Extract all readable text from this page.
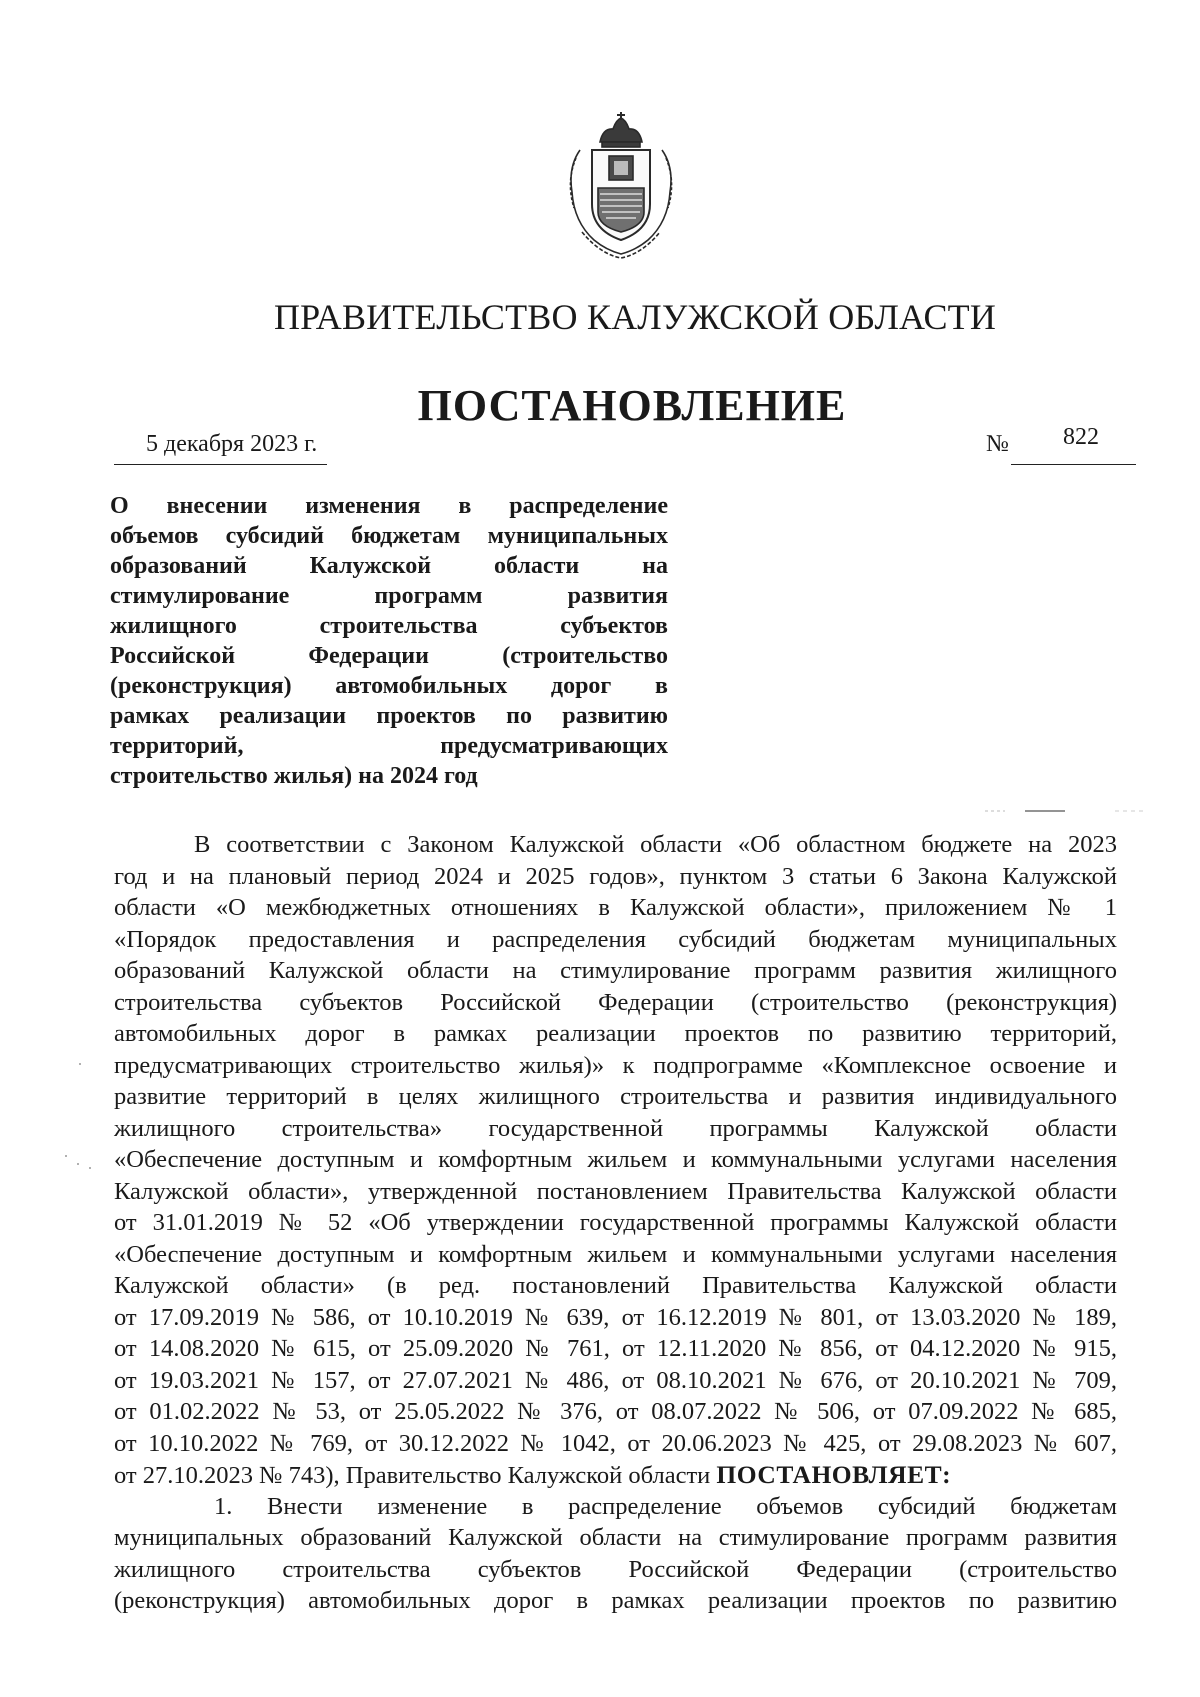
ПРАВИТЕЛЬСТВО КАЛУЖСКОЙ ОБЛАСТИ
ПОСТАНОВЛЕНИЕ
5 декабря 2023 г.	№ 822
О внесении изменения в распределение
объемов субсидий бюджетам муниципальных
образований Калужской области на
стимулирование программ развития
жилищного строительства субъектов
Российской Федерации (строительство
(реконструкция) автомобильных дорог в
рамках реализации проектов по развитию
территорий, предусматривающих
строительство жилья) на 2024 год
В соответствии с Законом Калужской области «Об областном бюджете на 2023
год и на плановый период 2024 и 2025 годов», пунктом 3 статьи 6 Закона Калужской
области «О межбюджетных отношениях в Калужской области», приложением № 1
«Порядок предоставления и распределения субсидий бюджетам муниципальных
образований Калужской области на стимулирование программ развития жилищного
строительства субъектов Российской Федерации (строительство (реконструкция)
автомобильных дорог в рамках реализации проектов по развитию территорий,
предусматривающих строительство жилья)» к подпрограмме «Комплексное освоение и
развитие территорий в целях жилищного строительства и развития индивидуального
жилищного строительства» государственной программы Калужской области
«Обеспечение доступным и комфортным жильем и коммунальными услугами населения
Калужской области», утвержденной постановлением Правительства Калужской области
от 31.01.2019 № 52 «Об утверждении государственной программы Калужской области
«Обеспечение доступным и комфортным жильем и коммунальными услугами населения
Калужской области» (в ред. постановлений Правительства Калужской области
от 17.09.2019 № 586, от 10.10.2019 № 639, от 16.12.2019 № 801, от 13.03.2020 № 189,
от 14.08.2020 № 615, от 25.09.2020 № 761, от 12.11.2020 № 856, от 04.12.2020 № 915,
от 19.03.2021 № 157, от 27.07.2021 № 486, от 08.10.2021 № 676, от 20.10.2021 № 709,
от 01.02.2022 № 53, от 25.05.2022 № 376, от 08.07.2022 № 506, от 07.09.2022 № 685,
от 10.10.2022 № 769, от 30.12.2022 № 1042, от 20.06.2023 № 425, от 29.08.2023 № 607,
от 27.10.2023 № 743), Правительство Калужской области ПОСТАНОВЛЯЕТ:
1. Внести изменение в распределение объемов субсидий бюджетам
муниципальных образований Калужской области на стимулирование программ развития
жилищного строительства субъектов Российской Федерации (строительство
(реконструкция) автомобильных дорог в рамках реализации проектов по развитию
